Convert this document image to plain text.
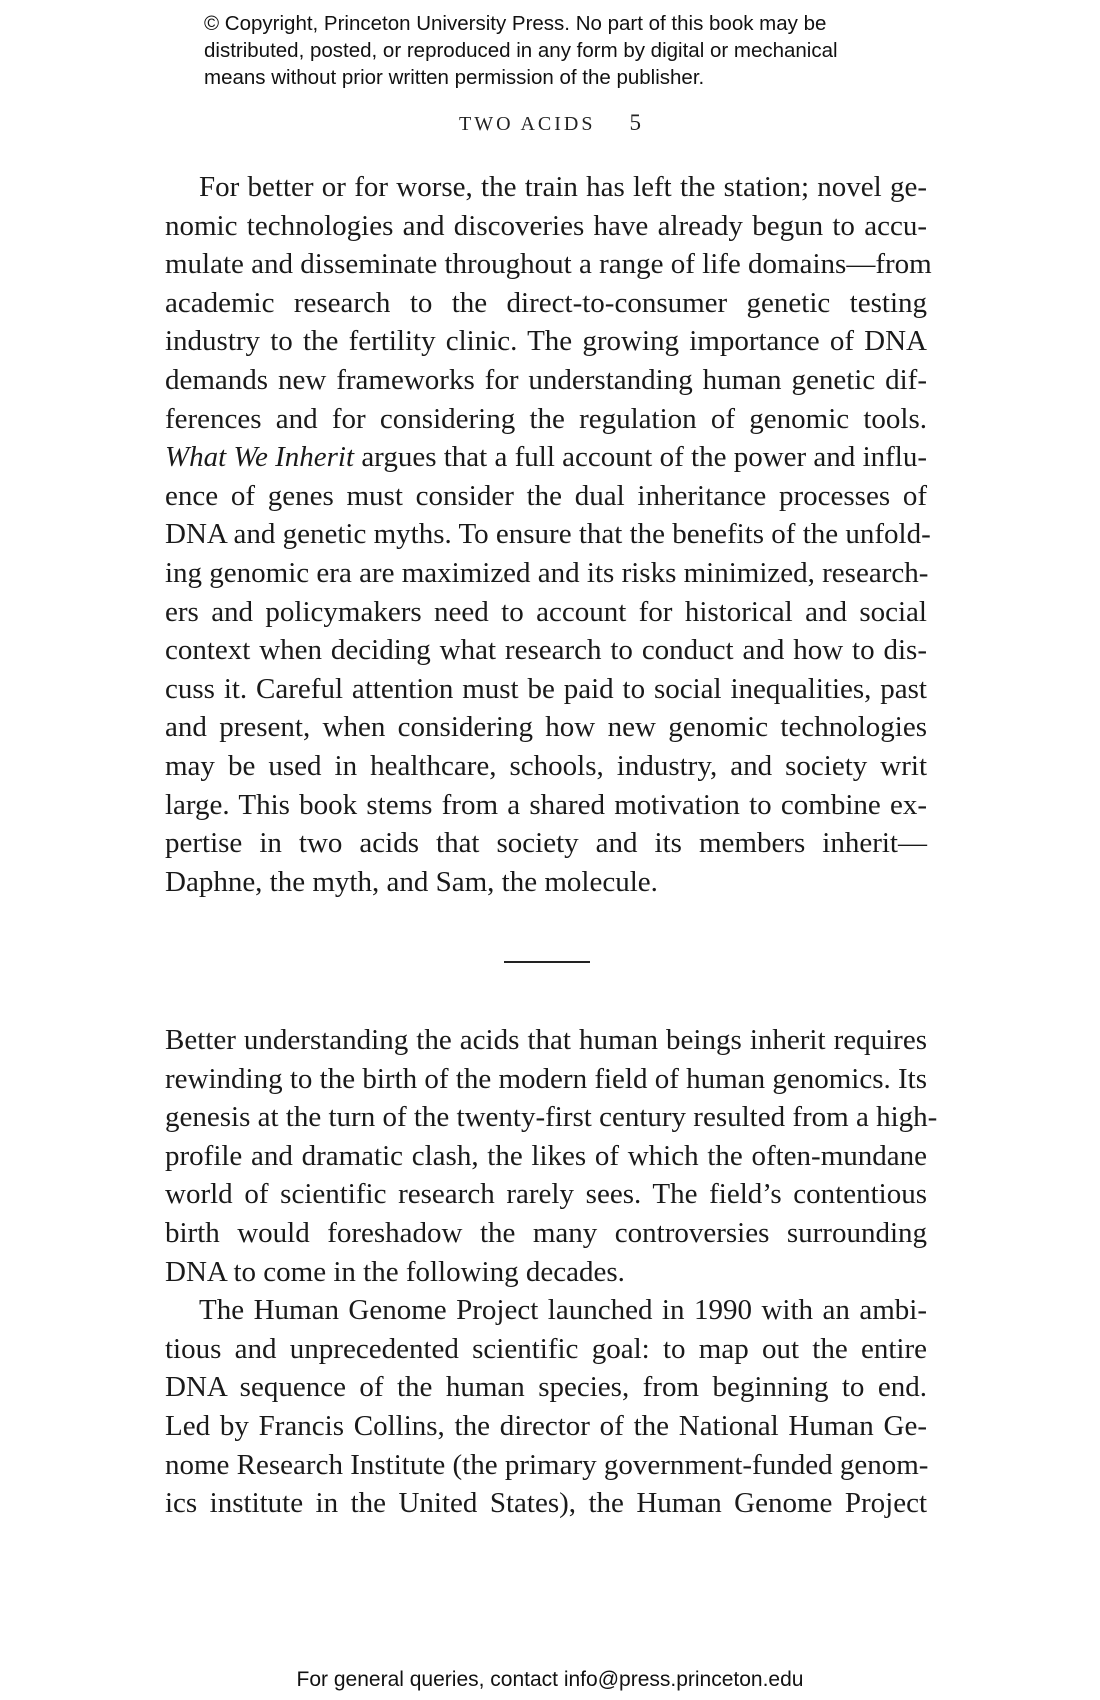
© Copyright, Princeton University Press. No part of this book may be
distributed, posted, or reproduced in any form by digital or mechanical
means without prior written permission of the publisher.
TWO ACIDS 5
For better or for worse, the train has left the station; novel ge-
nomic technologies and discoveries have already begun to accu-
mulate and disseminate throughout a range of life domains—from
academic research to the direct-to-consumer genetic testing
industry to the fertility clinic. The growing importance of DNA
demands new frameworks for understanding human genetic dif-
ferences and for considering the regulation of genomic tools.
What We Inherit argues that a full account of the power and influ-
ence of genes must consider the dual inheritance processes of
DNA and genetic myths. To ensure that the benefits of the unfold-
ing genomic era are maximized and its risks minimized, research-
ers and policymakers need to account for historical and social
context when deciding what research to conduct and how to dis-
cuss it. Careful attention must be paid to social inequalities, past
and present, when considering how new genomic technologies
may be used in healthcare, schools, industry, and society writ
large. This book stems from a shared motivation to combine ex-
pertise in two acids that society and its members inherit—
Daphne, the myth, and Sam, the molecule.
Better understanding the acids that human beings inherit requires
rewinding to the birth of the modern field of human genomics. Its
genesis at the turn of the twenty-first century resulted from a high-
profile and dramatic clash, the likes of which the often-mundane
world of scientific research rarely sees. The field’s contentious
birth would foreshadow the many controversies surrounding
DNA to come in the following decades.
The Human Genome Project launched in 1990 with an ambi-
tious and unprecedented scientific goal: to map out the entire
DNA sequence of the human species, from beginning to end.
Led by Francis Collins, the director of the National Human Ge-
nome Research Institute (the primary government-funded genom-
ics institute in the United States), the Human Genome Project
For general queries, contact info@press.princeton.edu
